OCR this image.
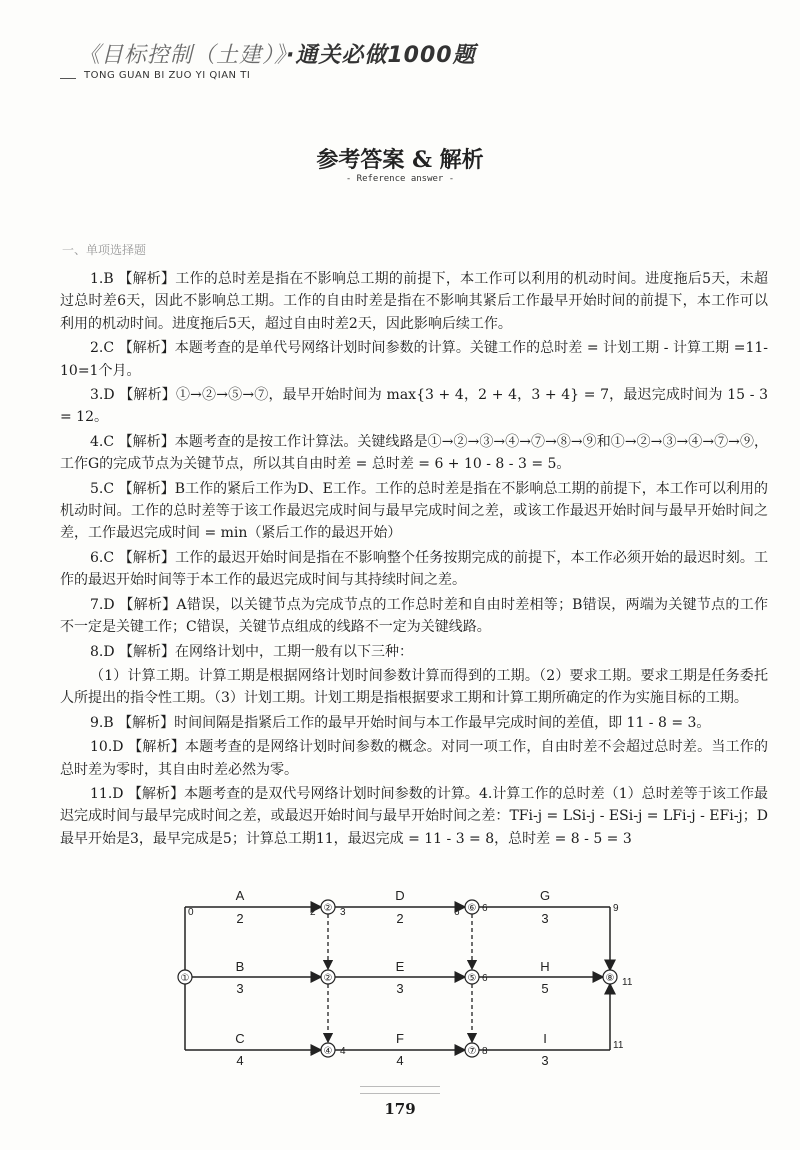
《目标控制（土建）》·通关必做1000题
TONG GUAN BI ZUO YI QIAN TI
参考答案 & 解析
- Reference answer -
一、单项选择题

1.B 【解析】工作的总时差是指在不影响总工期的前提下，本工作可以利用的机动时间。进度拖后5天，未超过总时差6天，因此不影响总工期。工作的自由时差是指在不影响其紧后工作最早开始时间的前提下，本工作可以利用的机动时间。进度拖后5天，超过自由时差2天，因此影响后续工作。

2.C 【解析】本题考查的是单代号网络计划时间参数的计算。关键工作的总时差 = 计划工期 - 计算工期 =11-10=1个月。

3.D 【解析】①→②→⑤→⑦，最早开始时间为 max{3 + 4，2 + 4，3 + 4} = 7，最迟完成时间为 15 - 3 = 12。

4.C 【解析】本题考查的是按工作计算法。关键线路是①→②→③→④→⑦→⑧→⑨和①→②→③→④→⑦→⑨，工作G的完成节点为关键节点，所以其自由时差 = 总时差 = 6 + 10 - 8 - 3 = 5。

5.C 【解析】B工作的紧后工作为D、E工作。工作的总时差是指在不影响总工期的前提下，本工作可以利用的机动时间。工作的总时差等于该工作最迟完成时间与最早完成时间之差，或该工作最迟开始时间与最早开始时间之差，工作最迟完成时间 = min（紧后工作的最迟开始）

6.C 【解析】工作的最迟开始时间是指在不影响整个任务按期完成的前提下，本工作必须开始的最迟时刻。工作的最迟开始时间等于本工作的最迟完成时间与其持续时间之差。

7.D 【解析】A错误，以关键节点为完成节点的工作总时差和自由时差相等；B错误，两端为关键节点的工作不一定是关键工作；C错误，关键节点组成的线路不一定为关键线路。

8.D 【解析】在网络计划中，工期一般有以下三种：

（1）计算工期。计算工期是根据网络计划时间参数计算而得到的工期。（2）要求工期。要求工期是任务委托人所提出的指令性工期。（3）计划工期。计划工期是指根据要求工期和计算工期所确定的作为实施目标的工期。

9.B 【解析】时间间隔是指紧后工作的最早开始时间与本工作最早完成时间的差值，即 11 - 8 = 3。

10.D 【解析】本题考查的是网络计划时间参数的概念。对同一项工作，自由时差不会超过总时差。当工作的总时差为零时，其自由时差必然为零。

11.D 【解析】本题考查的是双代号网络计划时间参数的计算。4.计算工作的总时差（1）总时差等于该工作最迟完成时间与最早完成时间之差，或最迟开始时间与最早开始时间之差：TFi-j = LSi-j - ESi-j = LFi-j - EFi-j；D最早开始是3，最早完成是5；计算总工期11，最迟完成 = 11 - 3 = 8，总时差 = 8 - 5 = 3

①
②
②
④
⑥
⑤
⑦
⑧
A
2
D
2
G
3
B
3
E
3
H
5
C
4
F
4
I
3
0	2 3	6 6	9
3	5 6	11
4 4	8 8
11
179
